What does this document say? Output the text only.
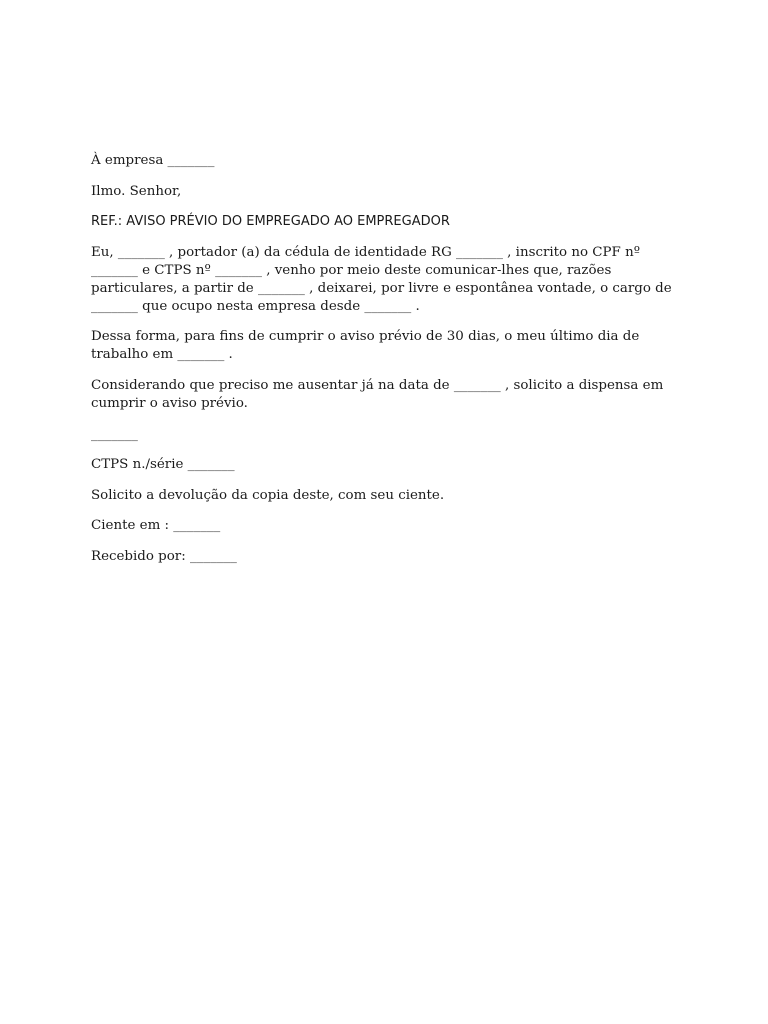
À empresa _______

Ilmo. Senhor,

REF.: AVISO PRÉVIO DO EMPREGADO AO EMPREGADOR

Eu, _______ , portador (a) da cédula de identidade RG _______ , inscrito no CPF nº _______ e CTPS nº _______ , venho por meio deste comunicar-lhes que, razões particulares, a partir de _______ , deixarei, por livre e espontânea vontade, o cargo de _______ que ocupo nesta empresa desde _______ .

Dessa forma, para fins de cumprir o aviso prévio de 30 dias, o meu último dia de trabalho em _______ .

Considerando que preciso me ausentar já na data de _______ , solicito a dispensa em cumprir o aviso prévio.

_______

CTPS n./série _______

Solicito a devolução da copia deste, com seu ciente.

Ciente em : _______

Recebido por: _______
